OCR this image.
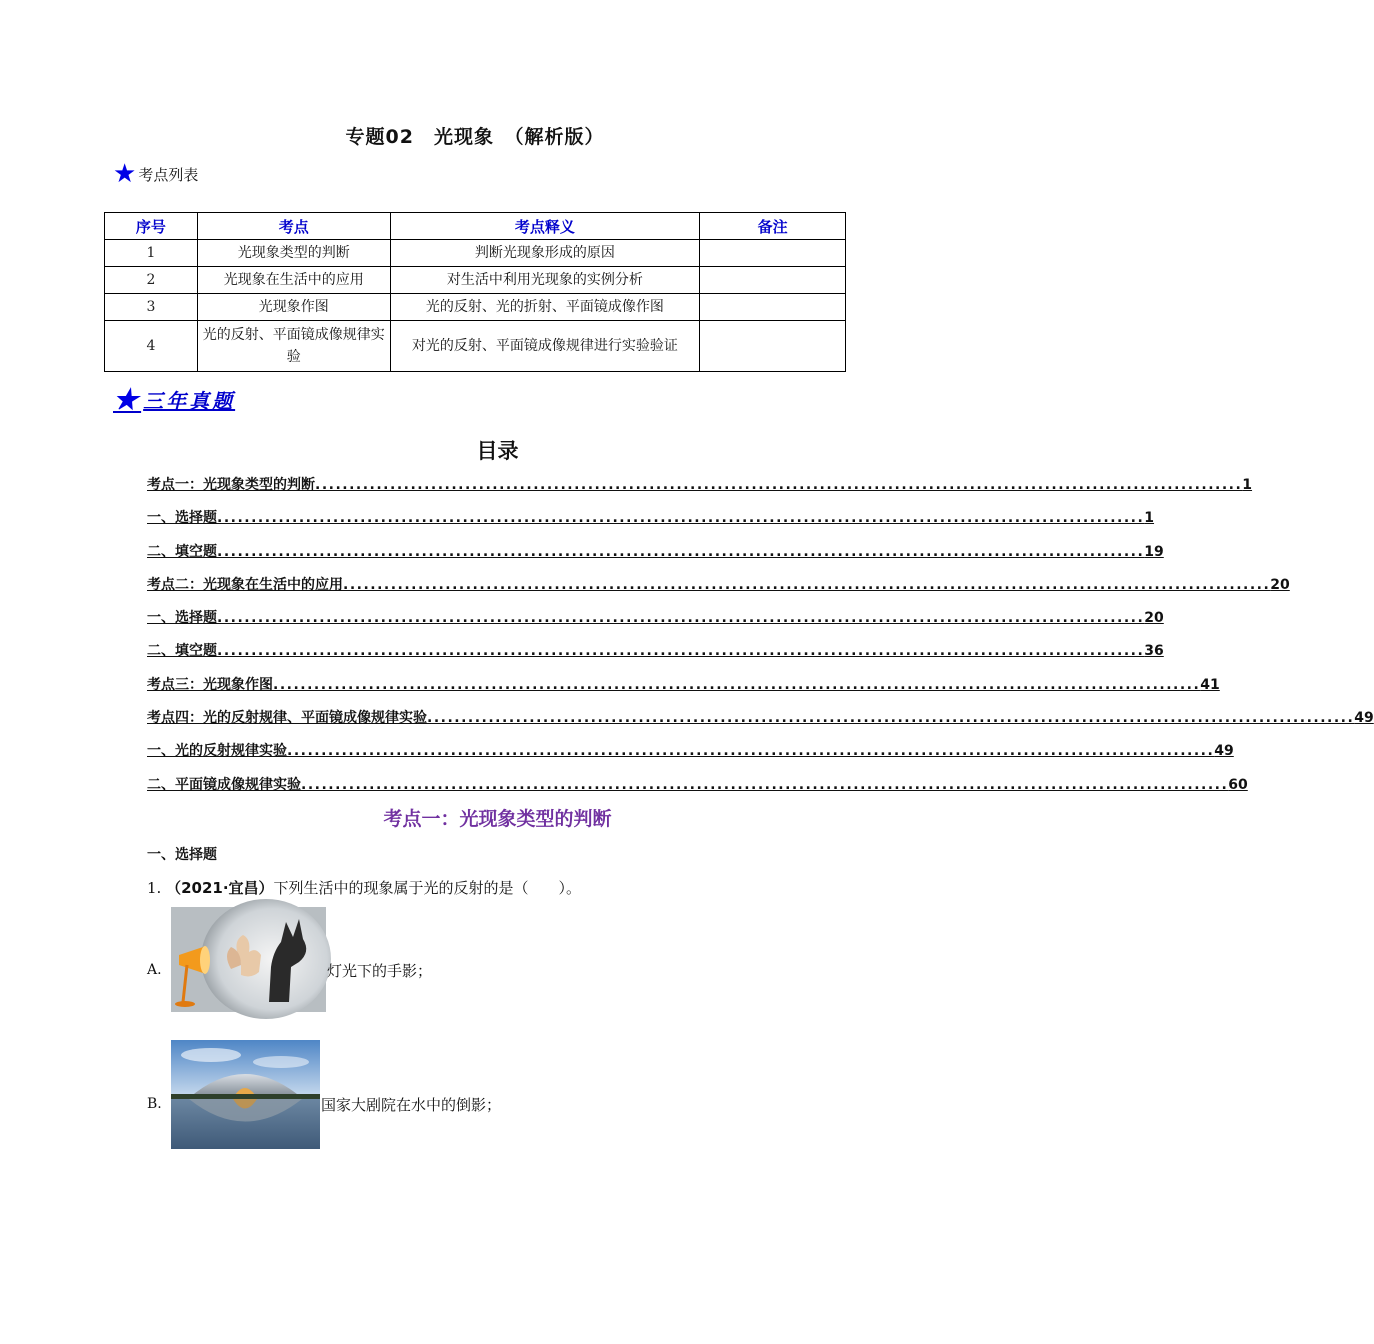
专题02　光现象　（解析版）
★ 考点列表
序号	考点	考点释义	备注
1	光现象类型的判断	判断光现象形成的原因	
2	光现象在生活中的应用	对生活中利用光现象的实例分析	
3	光现象作图	光的反射、光的折射、平面镜成像作图	
4	光的反射、平面镜成像规律实验	对光的反射、平面镜成像规律进行实验验证	
★ 三年真题
目录
考点一：光现象类型的判断 ........................................................................................................................................ 1
一、选择题 ........................................................................................................................................ 1
二、填空题 ........................................................................................................................................ 19
考点二：光现象在生活中的应用 ........................................................................................................................................ 20
一、选择题 ........................................................................................................................................ 20
二、填空题 ........................................................................................................................................ 36
考点三：光现象作图 ........................................................................................................................................ 41
考点四：光的反射规律、平面镜成像规律实验 ........................................................................................................................................ 49
一、光的反射规律实验 ........................................................................................................................................ 49
二、平面镜成像规律实验 ........................................................................................................................................ 60
考点一：光现象类型的判断
一、选择题
1. （2021·宜昌）下列生活中的现象属于光的反射的是（　　）。
A.	灯光下的手影；
B.	国家大剧院在水中的倒影；
